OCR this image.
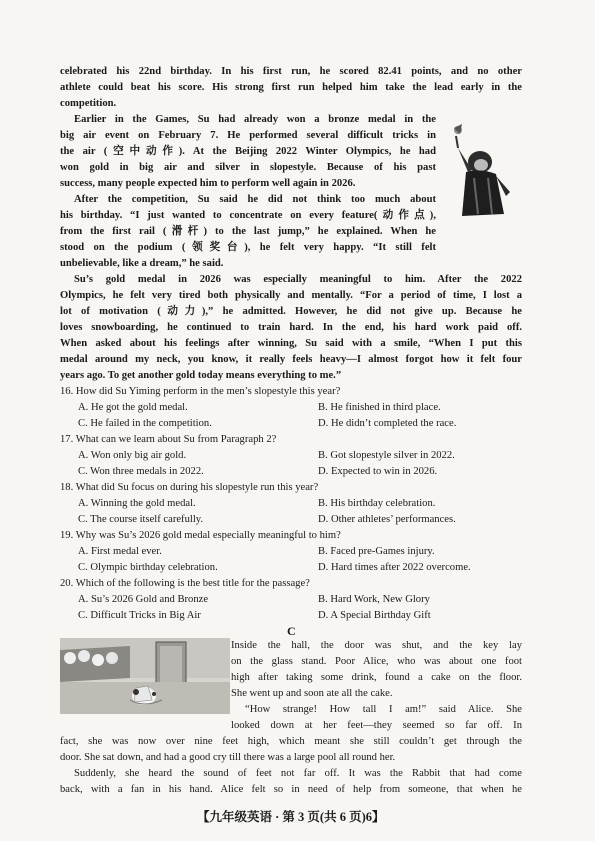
celebrated his 22nd birthday. In his first run, he scored 82.41 points, and no other
athlete could beat his score. His strong first run helped him take the lead early in the
competition.
Earlier in the Games, Su had already won a bronze medal in the
big air event on February 7. He performed several difficult tricks in
the air (空中动作). At the Beijing 2022 Winter Olympics, he had
won gold in big air and silver in slopestyle. Because of his past
success, many people expected him to perform well again in 2026.
After the competition, Su said he did not think too much about
his birthday. “I just wanted to concentrate on every feature(动作点),
from the first rail (滑杆) to the last jump,” he explained. When he
stood on the podium (领奖台), he felt very happy. “It still felt
unbelievable, like a dream,” he said.
Su’s gold medal in 2026 was especially meaningful to him. After the 2022
Olympics, he felt very tired both physically and mentally. “For a period of time, I lost a
lot of motivation (动力),” he admitted. However, he did not give up. Because he
loves snowboarding, he continued to train hard. In the end, his hard work paid off.
When asked about his feelings after winning, Su said with a smile, “When I put this
medal around my neck, you know, it really feels heavy—I almost forgot how it felt four
years ago. To get another gold today means everything to me.”
16. How did Su Yiming perform in the men’s slopestyle this year?
A. He got the gold medal.	B. He finished in third place.
C. He failed in the competition.	D. He didn’t completed the race.
17. What can we learn about Su from Paragraph 2?
A. Won only big air gold.	B. Got slopestyle silver in 2022.
C. Won three medals in 2022.	D. Expected to win in 2026.
18. What did Su focus on during his slopestyle run this year?
A. Winning the gold medal.	B. His birthday celebration.
C. The course itself carefully.	D. Other athletes’ performances.
19. Why was Su’s 2026 gold medal especially meaningful to him?
A. First medal ever.	B. Faced pre-Games injury.
C. Olympic birthday celebration.	D. Hard times after 2022 overcome.
20. Which of the following is the best title for the passage?
A. Su’s 2026 Gold and Bronze	B. Hard Work, New Glory
C. Difficult Tricks in Big Air	D. A Special Birthday Gift
C
Inside the hall, the door was shut, and the key lay
on the glass stand. Poor Alice, who was about one foot
high after taking some drink, found a cake on the floor.
She went up and soon ate all the cake.
“How strange! How tall I am!” said Alice. She
looked down at her feet—they seemed so far off. In
fact, she was now over nine feet high, which meant she still couldn’t get through the
door. She sat down, and had a good cry till there was a large pool all round her.
Suddenly, she heard the sound of feet not far off. It was the Rabbit that had come
back, with a fan in his hand. Alice felt so in need of help from someone, that when he
【九年级英语 · 第 3 页(共 6 页)6】
